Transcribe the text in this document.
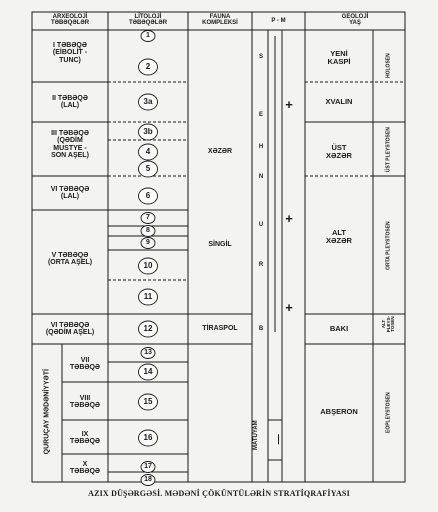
ARXEOLOJİ
TƏBƏQƏLƏR
LİTOLOJİ
TƏBƏQƏLƏR
FAUNA
KOMPLEKSİ	P - M
GEOLOJİ
YAŞ
I TƏBƏQƏ
(EİBOLİT -
TUNC)
II TƏBƏQƏ
(LAL)
III TƏBƏQƏ
(QƏDİM
MUSTYE -
SON AŞEL)
VI TƏBƏQƏ
(LAL)
V TƏBƏQƏ
(ORTA AŞEL)
VI TƏBƏQƏ
(QƏDİM AŞEL)
QURUÇAY MƏDƏNİYYƏTİ
VII
TƏBƏQƏ
VIII
TƏBƏQƏ
IX
TƏBƏQƏ
X
TƏBƏQƏ
XƏZƏR
SİNGİL
TİRASPOL
S
E
H
N
U
R
B
MATUYAM
+
+
+
—
YENİ
KASPİ
XVALIN
ÜST
XƏZƏR
ALT
XƏZƏR
BAKI
ABŞERON
HOLOSEN
ÜST PLEYSTOSEN
ORTA PLEYSTOSEN
ALT
PLEYS-
TOSEN
EOPLEYSTOSEN
AZIX DÜŞƏRGƏSİ. MƏDƏNİ ÇÖKÜNTÜLƏRİN STRATİQRAFİYASI
1
2
3a
3b
4
5
6
7
8
9
10
11
12
13
14
15
16
17
18
